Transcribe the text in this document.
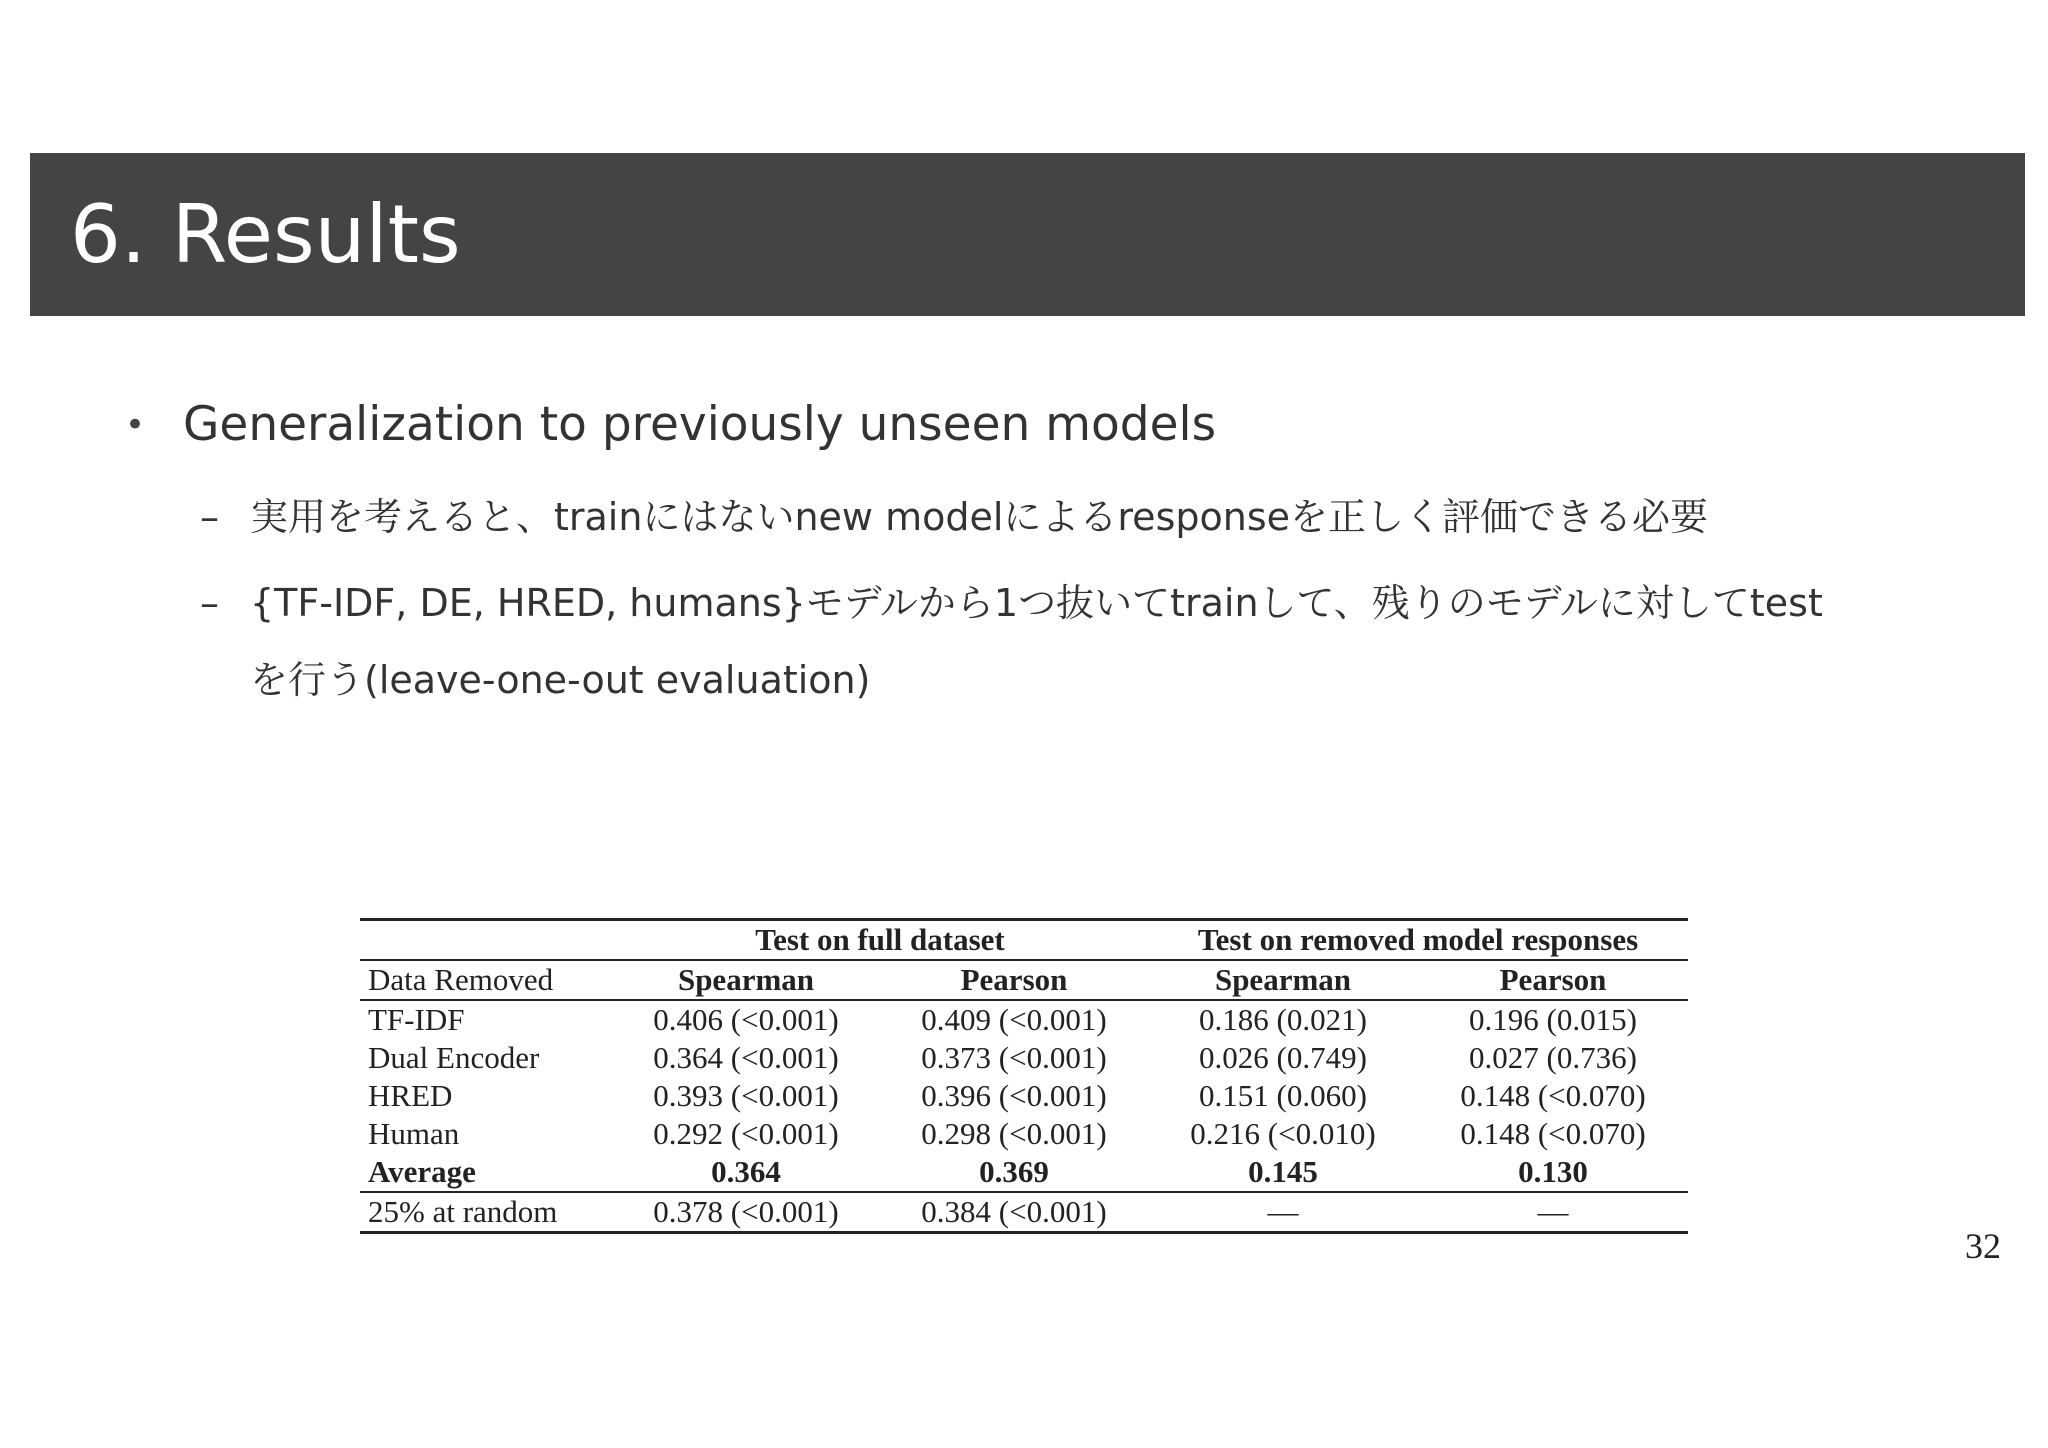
6. Results
• Generalization to previously unseen models
– 実用を考えると、trainにはないnew modelによるresponseを正しく評価できる必要
– {TF-IDF, DE, HRED, humans}モデルから1つ抜いてtrainして、残りのモデルに対してtest
を行う(leave-one-out evaluation)
	Test on full dataset		Test on removed model responses	
Data Removed	Spearman	Pearson	Spearman	Pearson
TF-IDF	0.406 (<0.001)	0.409 (<0.001)	0.186 (0.021)	0.196 (0.015)
Dual Encoder	0.364 (<0.001)	0.373 (<0.001)	0.026 (0.749)	0.027 (0.736)
HRED	0.393 (<0.001)	0.396 (<0.001)	0.151 (0.060)	0.148 (<0.070)
Human	0.292 (<0.001)	0.298 (<0.001)	0.216 (<0.010)	0.148 (<0.070)
Average	0.364	0.369	0.145	0.130
25% at random	0.378 (<0.001)	0.384 (<0.001)	—	—
32
